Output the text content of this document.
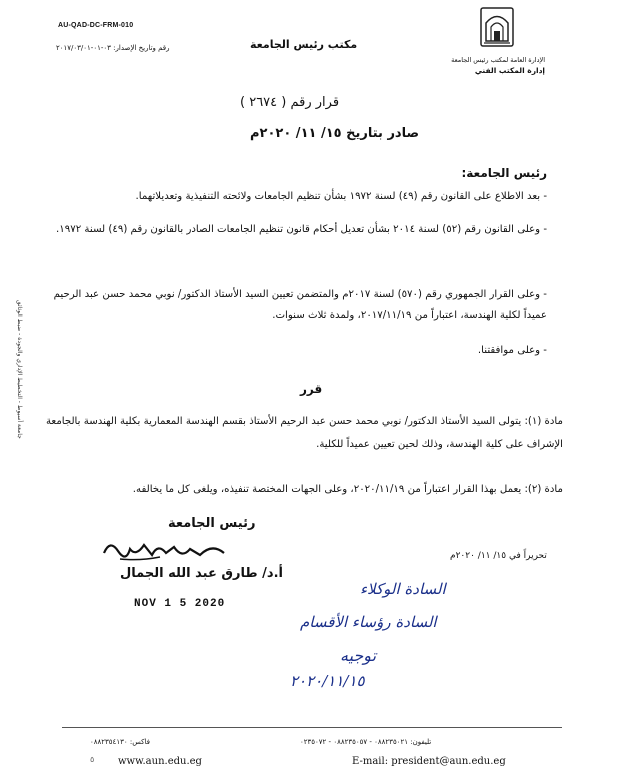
AU-QAD-DC-FRM-010
رقم وتاريخ الإصدار: ٠٣-٠١-٢٠١٧/٠٣/٠١	مكتب رئيس الجامعة
الإدارة العامة لمكتب رئيس الجامعة
إدارة المكتب الفني
قرار رقم ( ٢٦٧٤ )
صادر بتاريخ ١٥/ ١١/ ٢٠٢٠م
رئيس الجامعة:
- بعد الاطلاع على القانون رقم (٤٩) لسنة ١٩٧٢ بشأن تنظيم الجامعات ولائحته التنفيذية وتعديلاتهما.
- وعلى القانون رقم (٥٢) لسنة ٢٠١٤ بشأن تعديل أحكام قانون تنظيم الجامعات الصادر بالقانون رقم (٤٩) لسنة ١٩٧٢.
- وعلى القرار الجمهوري رقم (٥٧٠) لسنة ٢٠١٧م والمتضمن تعيين السيد الأستاذ الدكتور/ نوبي محمد حسن عبد الرحيم عميداً لكلية الهندسة، اعتباراً من ٢٠١٧/١١/١٩، ولمدة ثلاث سنوات.
- وعلى موافقتنا.
قرر
مادة (١): يتولى السيد الأستاذ الدكتور/ نوبي محمد حسن عبد الرحيم الأستاذ بقسم الهندسة المعمارية بكلية الهندسة بالجامعة الإشراف على كلية الهندسة، وذلك لحين تعيين عميداً للكلية.
مادة (٢): يعمل بهذا القرار اعتباراً من ٢٠٢٠/١١/١٩، وعلى الجهات المختصة تنفيذه، ويلغى كل ما يخالفه.
جامعة أسيوط - التخطيط الإداري والجودة - ضبط الوثائق
رئيس الجامعة
أ.د/ طارق عبد الله الجمال
NOV 1 5 2020
تحريراً في ١٥/ ١١/ ٢٠٢٠م
السادة الوكلاء
السادة رؤساء الأقسام
توجيه
٢٠٢٠/١١/١٥
تليفون: ٠٨٨٢٣٥٠٢١ - ٠٨٨٢٣٥٠٥٧ - ٠٢٣٥٠٧٢
فاكس: ٠٨٨٢٣٥٤١٣٠
٥ www.aun.edu.eg	E-mail: president@aun.edu.eg
